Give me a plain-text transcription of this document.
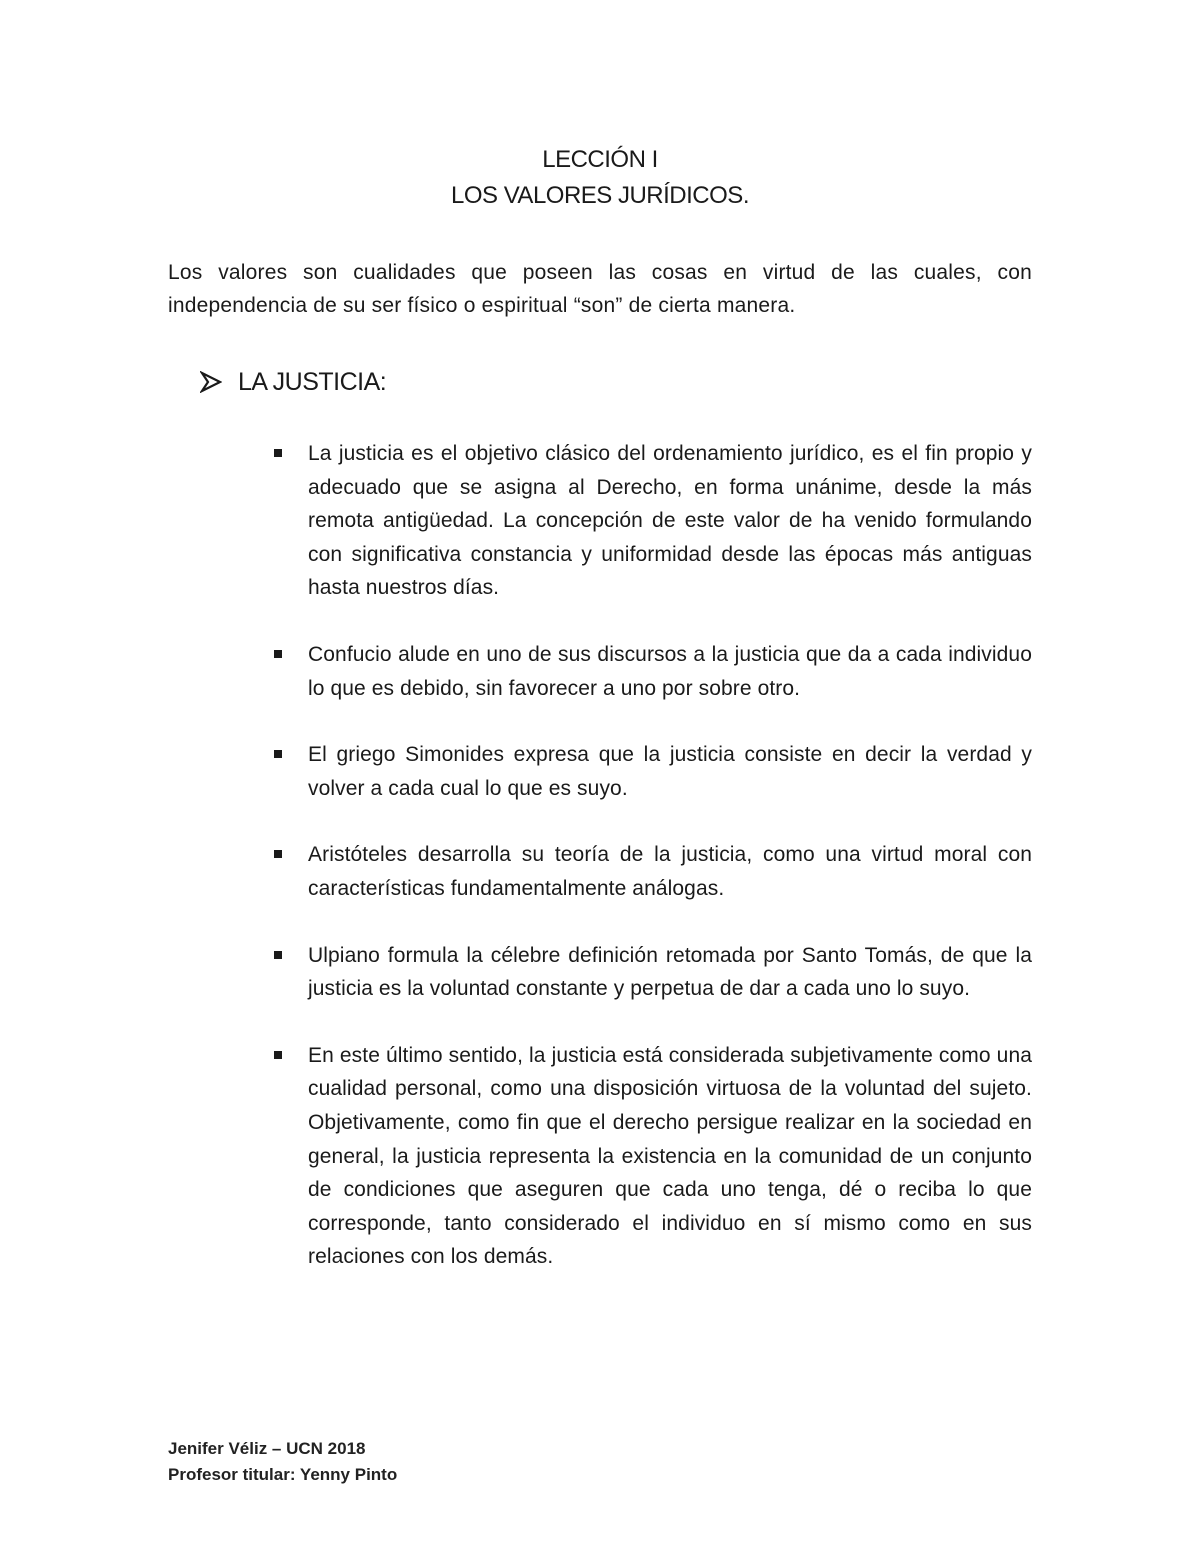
LECCIÓN I
LOS VALORES JURÍDICOS.

Los valores son cualidades que poseen las cosas en virtud de las cuales, con independencia de su ser físico o espiritual “son” de cierta manera.

LA JUSTICIA:
La justicia es el objetivo clásico del ordenamiento jurídico, es el fin propio y adecuado que se asigna al Derecho, en forma unánime, desde la más remota antigüedad. La concepción de este valor de ha venido formulando con significativa constancia y uniformidad desde las épocas más antiguas hasta nuestros días.
Confucio alude en uno de sus discursos a la justicia que da a cada individuo lo que es debido, sin favorecer a uno por sobre otro.
El griego Simonides expresa que la justicia consiste en decir la verdad y volver a cada cual lo que es suyo.
Aristóteles desarrolla su teoría de la justicia, como una virtud moral con características fundamentalmente análogas.
Ulpiano formula la célebre definición retomada por Santo Tomás, de que la justicia es la voluntad constante y perpetua de dar a cada uno lo suyo.
En este último sentido, la justicia está considerada subjetivamente como una cualidad personal, como una disposición virtuosa de la voluntad del sujeto. Objetivamente, como fin que el derecho persigue realizar en la sociedad en general, la justicia representa la existencia en la comunidad de un conjunto de condiciones que aseguren que cada uno tenga, dé o reciba lo que corresponde, tanto considerado el individuo en sí mismo como en sus relaciones con los demás.
Jenifer Véliz – UCN 2018
Profesor titular: Yenny Pinto
